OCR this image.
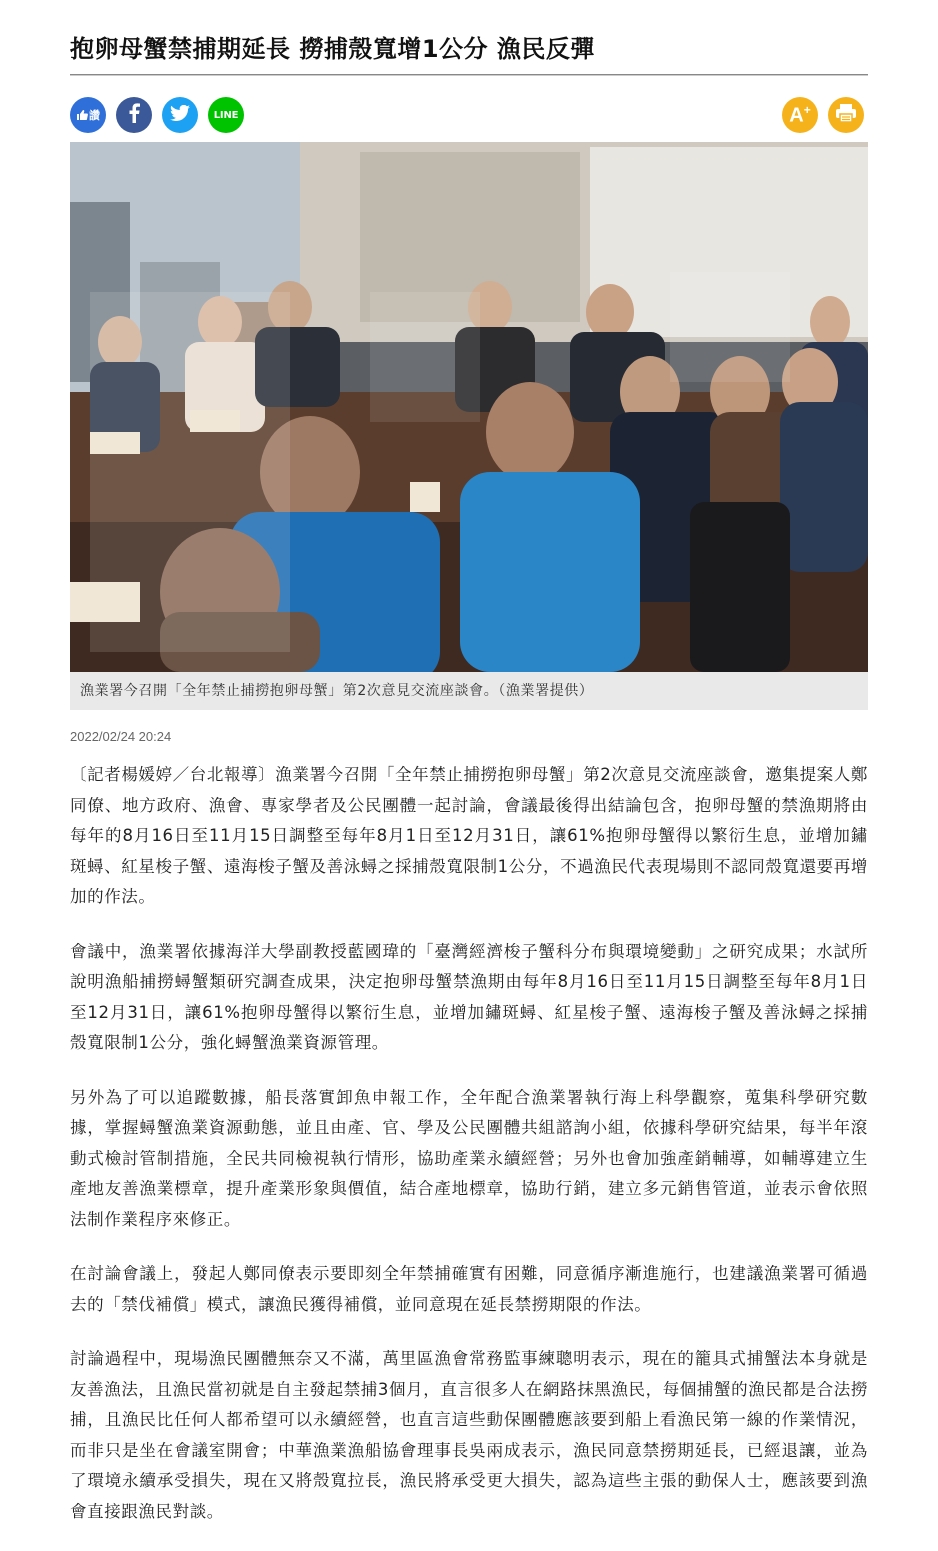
抱卵母蟹禁捕期延長 撈捕殼寬增1公分 漁民反彈
讚	LINE	A+
漁業署今召開「全年禁止捕撈抱卵母蟹」第2次意見交流座談會。（漁業署提供）
2022/02/24 20:24

〔記者楊媛婷／台北報導〕漁業署今召開「全年禁止捕撈抱卵母蟹」第2次意見交流座談會，邀集提案人鄭同僚、地方政府、漁會、專家學者及公民團體一起討論，會議最後得出結論包含，抱卵母蟹的禁漁期將由每年的8月16日至11月15日調整至每年8月1日至12月31日，讓61%抱卵母蟹得以繁衍生息，並增加鏽斑蟳、紅星梭子蟹、遠海梭子蟹及善泳蟳之採捕殼寬限制1公分，不過漁民代表現場則不認同殼寬還要再增加的作法。

會議中，漁業署依據海洋大學副教授藍國瑋的「臺灣經濟梭子蟹科分布與環境變動」之研究成果；水試所說明漁船捕撈蟳蟹類研究調查成果，決定抱卵母蟹禁漁期由每年8月16日至11月15日調整至每年8月1日至12月31日，讓61%抱卵母蟹得以繁衍生息，並增加鏽斑蟳、紅星梭子蟹、遠海梭子蟹及善泳蟳之採捕殼寬限制1公分，強化蟳蟹漁業資源管理。

另外為了可以追蹤數據，船長落實卸魚申報工作，全年配合漁業署執行海上科學觀察，蒐集科學研究數據，掌握蟳蟹漁業資源動態，並且由產、官、學及公民團體共組諮詢小組，依據科學研究結果，每半年滾動式檢討管制措施，全民共同檢視執行情形，協助產業永續經營；另外也會加強產銷輔導，如輔導建立生產地友善漁業標章，提升產業形象與價值，結合產地標章，協助行銷，建立多元銷售管道，並表示會依照法制作業程序來修正。

在討論會議上，發起人鄭同僚表示要即刻全年禁捕確實有困難，同意循序漸進施行，也建議漁業署可循過去的「禁伐補償」模式，讓漁民獲得補償，並同意現在延長禁撈期限的作法。

討論過程中，現場漁民團體無奈又不滿，萬里區漁會常務監事練聰明表示，現在的籠具式捕蟹法本身就是友善漁法，且漁民當初就是自主發起禁捕3個月，直言很多人在網路抹黑漁民，每個捕蟹的漁民都是合法撈捕，且漁民比任何人都希望可以永續經營，也直言這些動保團體應該要到船上看漁民第一線的作業情況，而非只是坐在會議室開會；中華漁業漁船協會理事長吳兩成表示，漁民同意禁撈期延長，已經退讓，並為了環境永續承受損失，現在又將殼寬拉長，漁民將承受更大損失，認為這些主張的動保人士，應該要到漁會直接跟漁民對談。
